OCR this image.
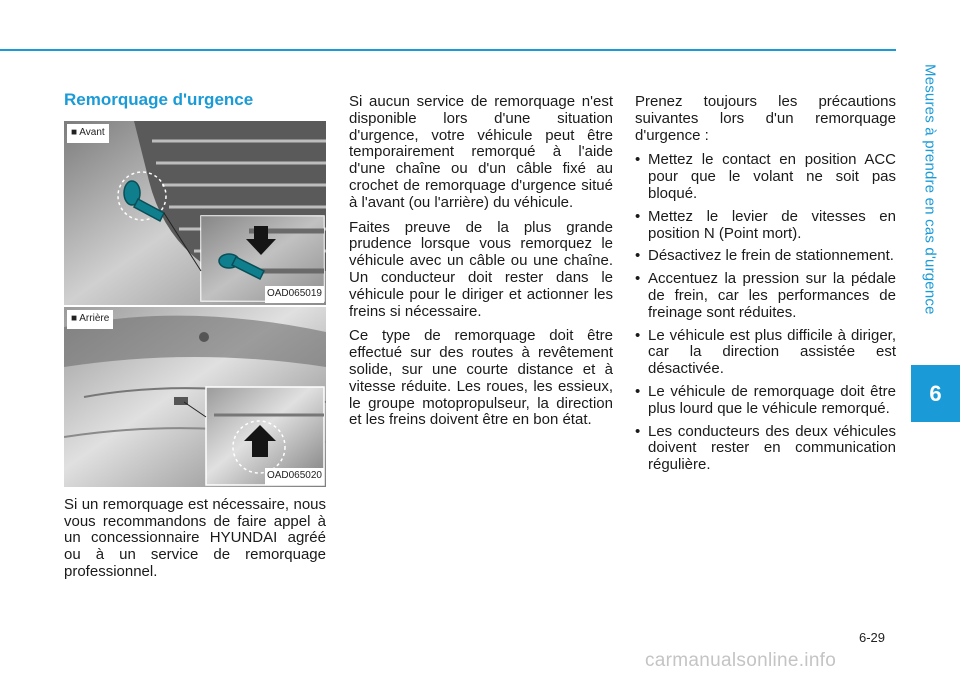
Mesures à prendre en cas d'urgence
6
Remorquage d'urgence
■ Avant
OAD065019
■ Arrière
OAD065020

Si un remorquage est nécessaire, nous vous recommandons de faire appel à un concessionnaire HYUNDAI agréé ou à un service de remorquage professionnel.

Si aucun service de remorquage n'est disponible lors d'une situation d'urgence, votre véhicule peut être temporairement remorqué à l'aide d'une chaîne ou d'un câble fixé au crochet de remorquage d'urgence situé à l'avant (ou l'arrière) du véhicule.

Faites preuve de la plus grande prudence lorsque vous remorquez le véhicule avec un câble ou une chaîne. Un conducteur doit rester dans le véhicule pour le diriger et actionner les freins si nécessaire.

Ce type de remorquage doit être effectué sur des routes à revêtement solide, sur une courte distance et à vitesse réduite. Les roues, les essieux, le groupe motopropulseur, la direction et les freins doivent être en bon état.

Prenez toujours les précautions suivantes lors d'un remorquage d'urgence :

• Mettez le contact en position ACC pour que le volant ne soit pas bloqué.
• Mettez le levier de vitesses en position N (Point mort).
• Désactivez le frein de stationnement.
• Accentuez la pression sur la pédale de frein, car les performances de freinage sont réduites.
• Le véhicule est plus difficile à diriger, car la direction assistée est désactivée.
• Le véhicule de remorquage doit être plus lourd que le véhicule remorqué.
• Les conducteurs des deux véhicules doivent rester en communication régulière.
6-29
carmanualsonline.info
